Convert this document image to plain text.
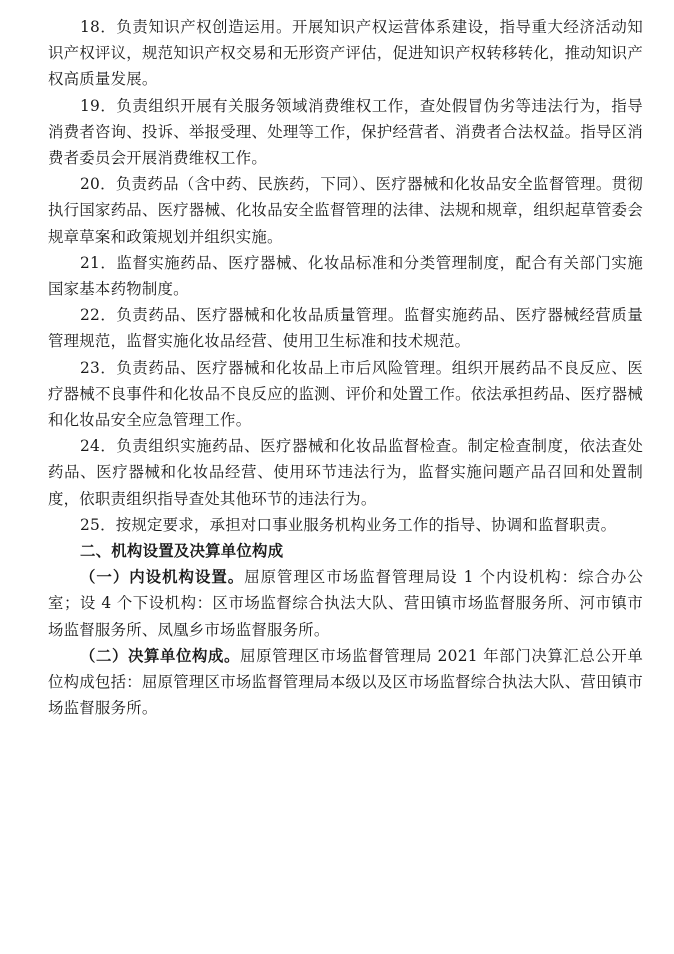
18．负责知识产权创造运用。开展知识产权运营体系建设，指导重大经济活动知识产权评议，规范知识产权交易和无形资产评估，促进知识产权转移转化，推动知识产权高质量发展。

19．负责组织开展有关服务领域消费维权工作，查处假冒伪劣等违法行为，指导消费者咨询、投诉、举报受理、处理等工作，保护经营者、消费者合法权益。指导区消费者委员会开展消费维权工作。

20．负责药品（含中药、民族药，下同）、医疗器械和化妆品安全监督管理。贯彻执行国家药品、医疗器械、化妆品安全监督管理的法律、法规和规章，组织起草管委会规章草案和政策规划并组织实施。

21．监督实施药品、医疗器械、化妆品标准和分类管理制度，配合有关部门实施国家基本药物制度。

22．负责药品、医疗器械和化妆品质量管理。监督实施药品、医疗器械经营质量管理规范，监督实施化妆品经营、使用卫生标准和技术规范。

23．负责药品、医疗器械和化妆品上市后风险管理。组织开展药品不良反应、医疗器械不良事件和化妆品不良反应的监测、评价和处置工作。依法承担药品、医疗器械和化妆品安全应急管理工作。

24．负责组织实施药品、医疗器械和化妆品监督检查。制定检查制度，依法查处药品、医疗器械和化妆品经营、使用环节违法行为，监督实施问题产品召回和处置制度，依职责组织指导查处其他环节的违法行为。

25．按规定要求，承担对口事业服务机构业务工作的指导、协调和监督职责。

二、机构设置及决算单位构成

（一）内设机构设置。屈原管理区市场监督管理局设 1 个内设机构：综合办公室；设 4 个下设机构：区市场监督综合执法大队、营田镇市场监督服务所、河市镇市场监督服务所、凤凰乡市场监督服务所。

（二）决算单位构成。屈原管理区市场监督管理局 2021 年部门决算汇总公开单位构成包括：屈原管理区市场监督管理局本级以及区市场监督综合执法大队、营田镇市场监督服务所。
